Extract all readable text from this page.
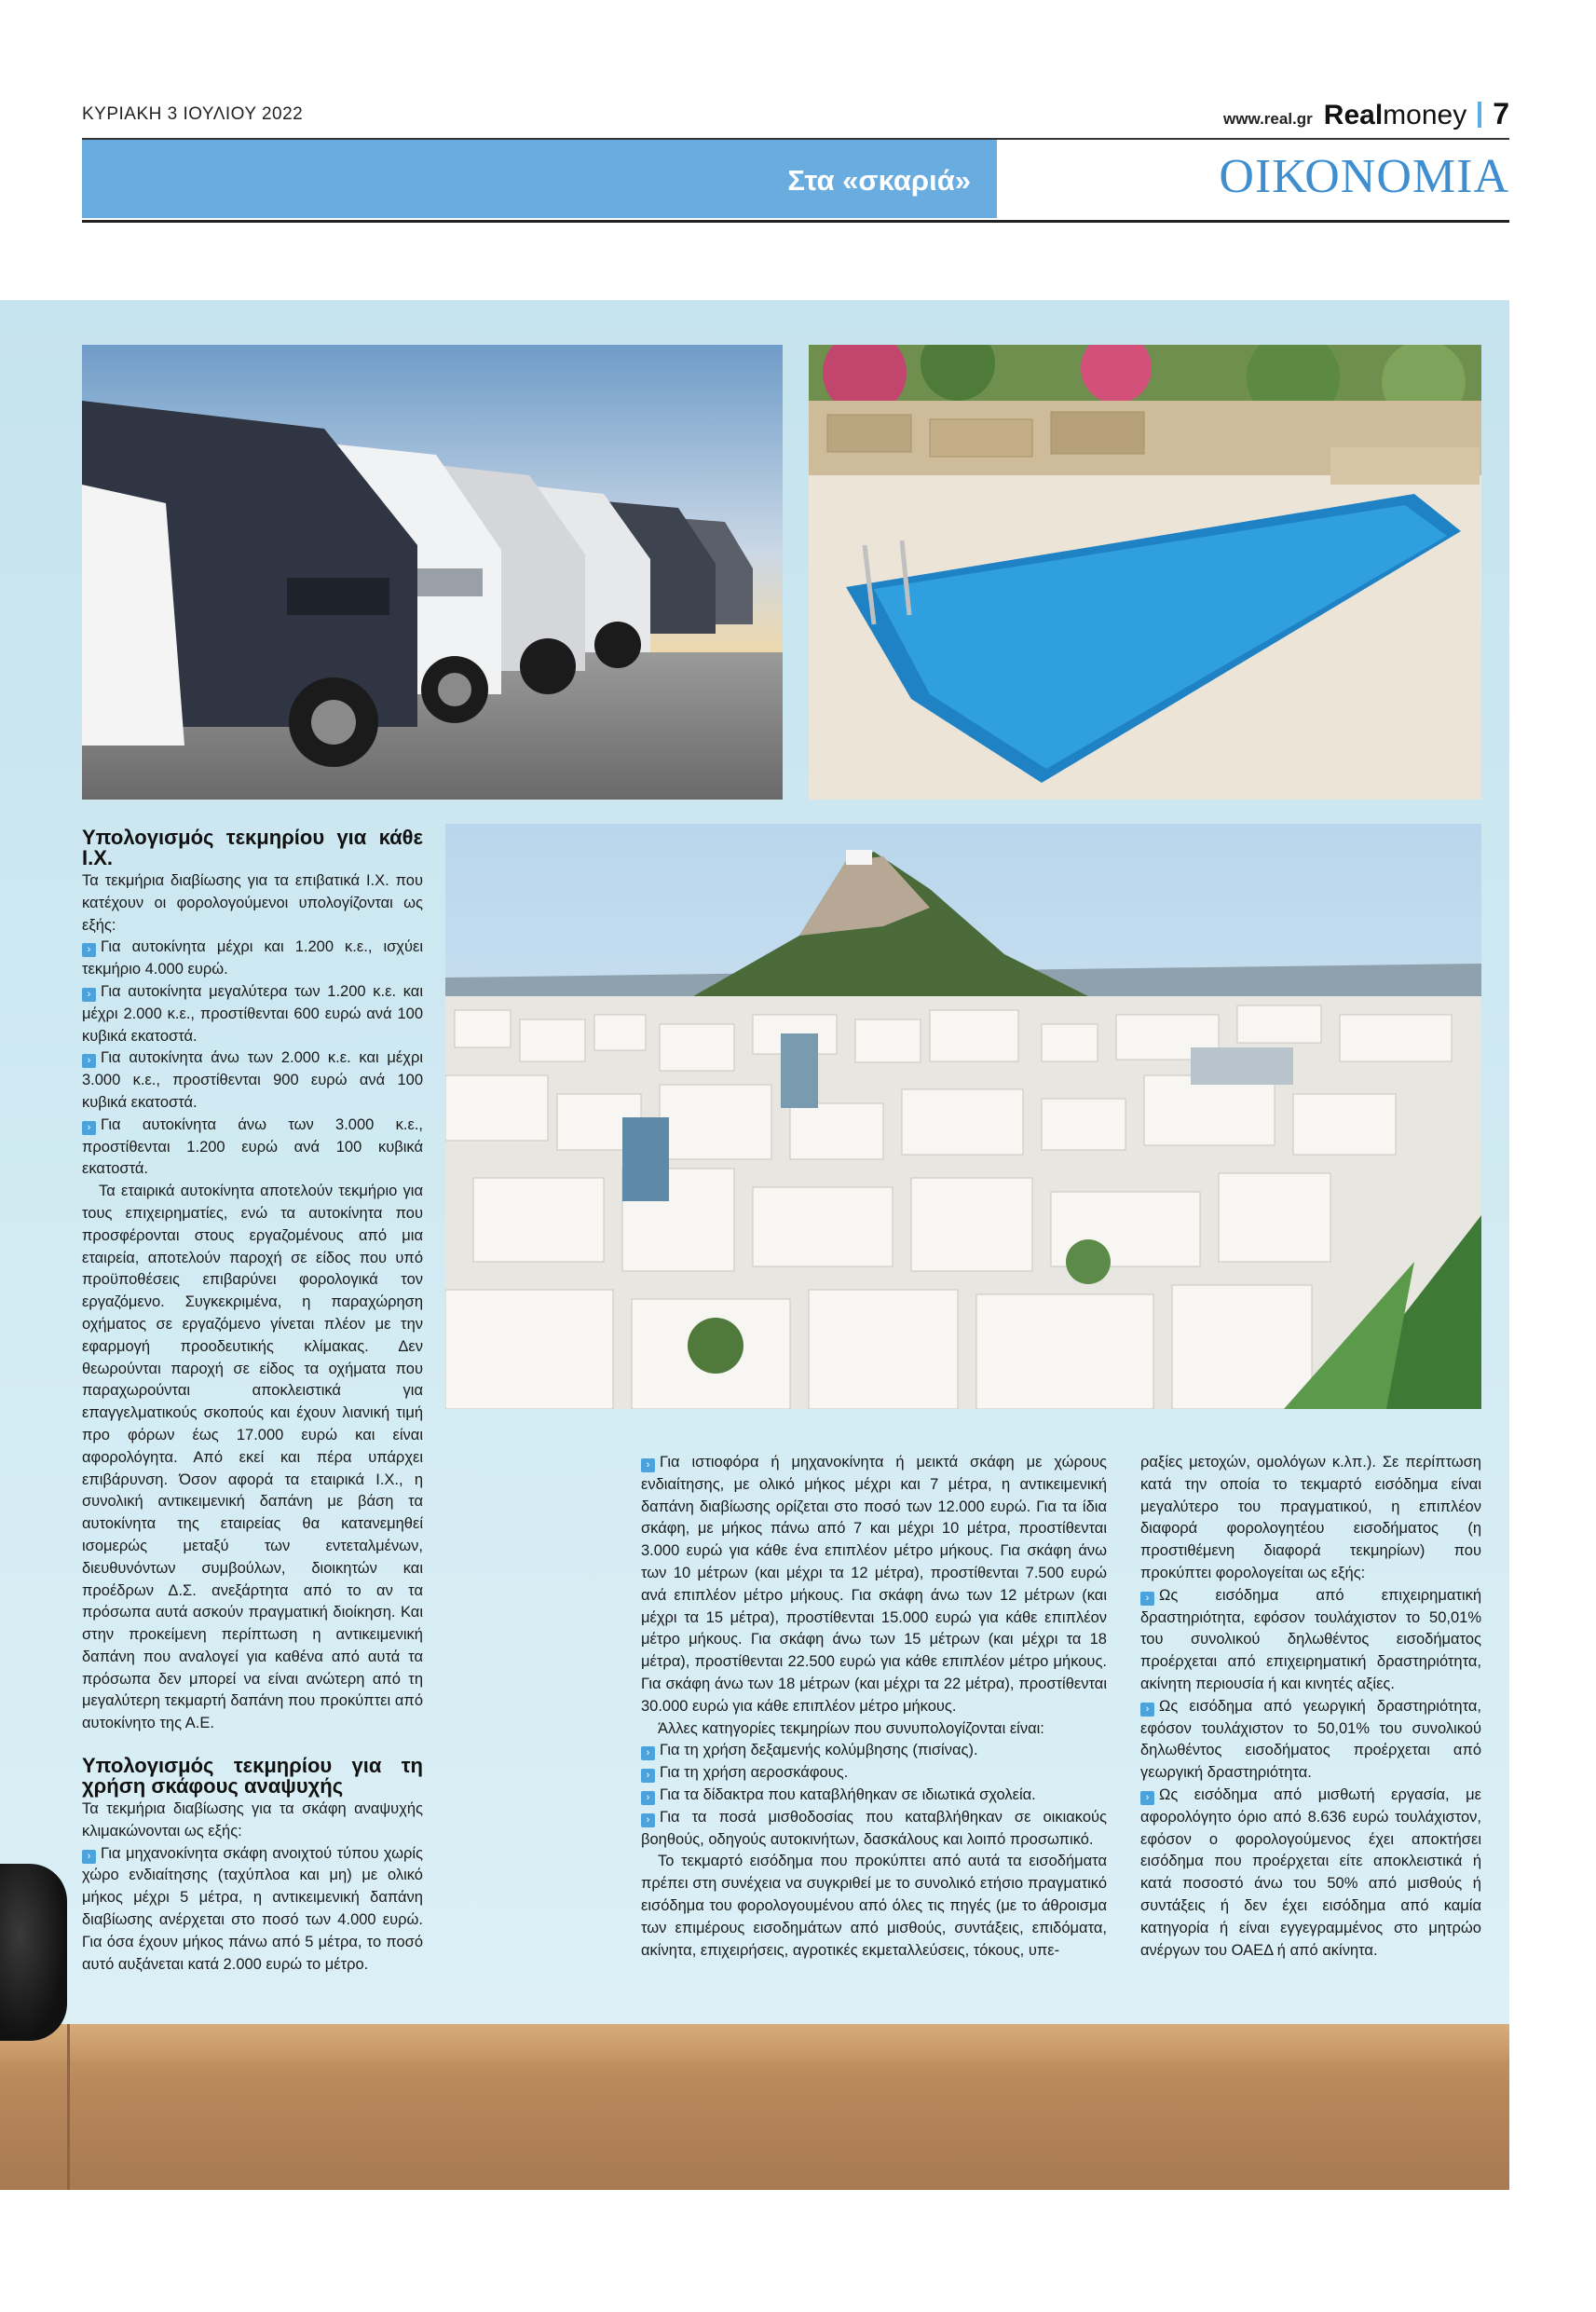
ΚΥΡΙΑΚΗ 3 ΙΟΥΛΙΟΥ 2022	www.real.gr Realmoney 7
Στα «σκαριά»	ΟΙΚΟΝΟΜΙΑ
Υπολογισμός τεκμηρίου για κάθε Ι.Χ.

Τα τεκμήρια διαβίωσης για τα επιβατικά Ι.Χ. που κατέχουν οι φορολογούμενοι υπολογίζονται ως εξής:

› Για αυτοκίνητα μέχρι και 1.200 κ.ε., ισχύει τεκμήριο 4.000 ευρώ.

› Για αυτοκίνητα μεγαλύτερα των 1.200 κ.ε. και μέχρι 2.000 κ.ε., προστίθενται 600 ευρώ ανά 100 κυβικά εκατοστά.

› Για αυτοκίνητα άνω των 2.000 κ.ε. και μέχρι 3.000 κ.ε., προστίθενται 900 ευρώ ανά 100 κυβικά εκατοστά.

› Για αυτοκίνητα άνω των 3.000 κ.ε., προστίθενται 1.200 ευρώ ανά 100 κυβικά εκατοστά.

Τα εταιρικά αυτοκίνητα αποτελούν τεκμήριο για τους επιχειρηματίες, ενώ τα αυτοκίνητα που προσφέρονται στους εργαζομένους από μια εταιρεία, αποτελούν παροχή σε είδος που υπό προϋποθέσεις επιβαρύνει φορολογικά τον εργαζόμενο. Συγκεκριμένα, η παραχώρηση οχήματος σε εργαζόμενο γίνεται πλέον με την εφαρμογή προοδευτικής κλίμακας. Δεν θεωρούνται παροχή σε είδος τα οχήματα που παραχωρούνται αποκλειστικά για επαγγελματικούς σκοπούς και έχουν λιανική τιμή προ φόρων έως 17.000 ευρώ και είναι αφορολόγητα. Από εκεί και πέρα υπάρχει επιβάρυνση. Όσον αφορά τα εταιρικά Ι.Χ., η συνολική αντικειμενική δαπάνη με βάση τα αυτοκίνητα της εταιρείας θα κατανεμηθεί ισομερώς μεταξύ των εντεταλμένων, διευθυνόντων συμβούλων, διοικητών και προέδρων Δ.Σ. ανεξάρτητα από το αν τα πρόσωπα αυτά ασκούν πραγματική διοίκηση. Και στην προκείμενη περίπτωση η αντικειμενική δαπάνη που αναλογεί για καθένα από αυτά τα πρόσωπα δεν μπορεί να είναι ανώτερη από τη μεγαλύτερη τεκμαρτή δαπάνη που προκύπτει από αυτοκίνητο της Α.Ε.

Υπολογισμός τεκμηρίου για τη χρήση σκάφους αναψυχής

Τα τεκμήρια διαβίωσης για τα σκάφη αναψυχής κλιμακώνονται ως εξής:

› Για μηχανοκίνητα σκάφη ανοιχτού τύπου χωρίς χώρο ενδιαίτησης (ταχύπλοα και μη) με ολικό μήκος μέχρι 5 μέτρα, η αντικειμενική δαπάνη διαβίωσης ανέρχεται στο ποσό των 4.000 ευρώ. Για όσα έχουν μήκος πάνω από 5 μέτρα, το ποσό αυτό αυξάνεται κατά 2.000 ευρώ το μέτρο.

› Για ιστιοφόρα ή μηχανοκίνητα ή μεικτά σκάφη με χώρους ενδιαίτησης, με ολικό μήκος μέχρι και 7 μέτρα, η αντικειμενική δαπάνη διαβίωσης ορίζεται στο ποσό των 12.000 ευρώ. Για τα ίδια σκάφη, με μήκος πάνω από 7 και μέχρι 10 μέτρα, προστίθενται 3.000 ευρώ για κάθε ένα επιπλέον μέτρο μήκους. Για σκάφη άνω των 10 μέτρων (και μέχρι τα 12 μέτρα), προστίθενται 7.500 ευρώ ανά επιπλέον μέτρο μήκους. Για σκάφη άνω των 12 μέτρων (και μέχρι τα 15 μέτρα), προστίθενται 15.000 ευρώ για κάθε επιπλέον μέτρο μήκους. Για σκάφη άνω των 15 μέτρων (και μέχρι τα 18 μέτρα), προστίθενται 22.500 ευρώ για κάθε επιπλέον μέτρο μήκους. Για σκάφη άνω των 18 μέτρων (και μέχρι τα 22 μέτρα), προστίθενται 30.000 ευρώ για κάθε επιπλέον μέτρο μήκους.

Άλλες κατηγορίες τεκμηρίων που συνυπολογίζονται είναι:

› Για τη χρήση δεξαμενής κολύμβησης (πισίνας).

› Για τη χρήση αεροσκάφους.

› Για τα δίδακτρα που καταβλήθηκαν σε ιδιωτικά σχολεία.

› Για τα ποσά μισθοδοσίας που καταβλήθηκαν σε οικιακούς βοηθούς, οδηγούς αυτοκινήτων, δασκάλους και λοιπό προσωπικό.

Το τεκμαρτό εισόδημα που προκύπτει από αυτά τα εισοδήματα πρέπει στη συνέχεια να συγκριθεί με το συνολικό ετήσιο πραγματικό εισόδημα του φορολογουμένου από όλες τις πηγές (με το άθροισμα των επιμέρους εισοδημάτων από μισθούς, συντάξεις, επιδόματα, ακίνητα, επιχειρήσεις, αγροτικές εκμεταλλεύσεις, τόκους, υπε-

ραξίες μετοχών, ομολόγων κ.λπ.). Σε περίπτωση κατά την οποία το τεκμαρτό εισόδημα είναι μεγαλύτερο του πραγματικού, η επιπλέον διαφορά φορολογητέου εισοδήματος (η προστιθέμενη διαφορά τεκμηρίων) που προκύπτει φορολογείται ως εξής:

› Ως εισόδημα από επιχειρηματική δραστηριότητα, εφόσον τουλάχιστον το 50,01% του συνολικού δηλωθέντος εισοδήματος προέρχεται από επιχειρηματική δραστηριότητα, ακίνητη περιουσία ή και κινητές αξίες.

› Ως εισόδημα από γεωργική δραστηριότητα, εφόσον τουλάχιστον το 50,01% του συνολικού δηλωθέντος εισοδήματος προέρχεται από γεωργική δραστηριότητα.

› Ως εισόδημα από μισθωτή εργασία, με αφορολόγητο όριο από 8.636 ευρώ τουλάχιστον, εφόσον ο φορολογούμενος έχει αποκτήσει εισόδημα που προέρχεται είτε αποκλειστικά ή κατά ποσοστό άνω του 50% από μισθούς ή συντάξεις ή δεν έχει εισόδημα από καμία κατηγορία ή είναι εγγεγραμμένος στο μητρώο ανέργων του ΟΑΕΔ ή από ακίνητα.
